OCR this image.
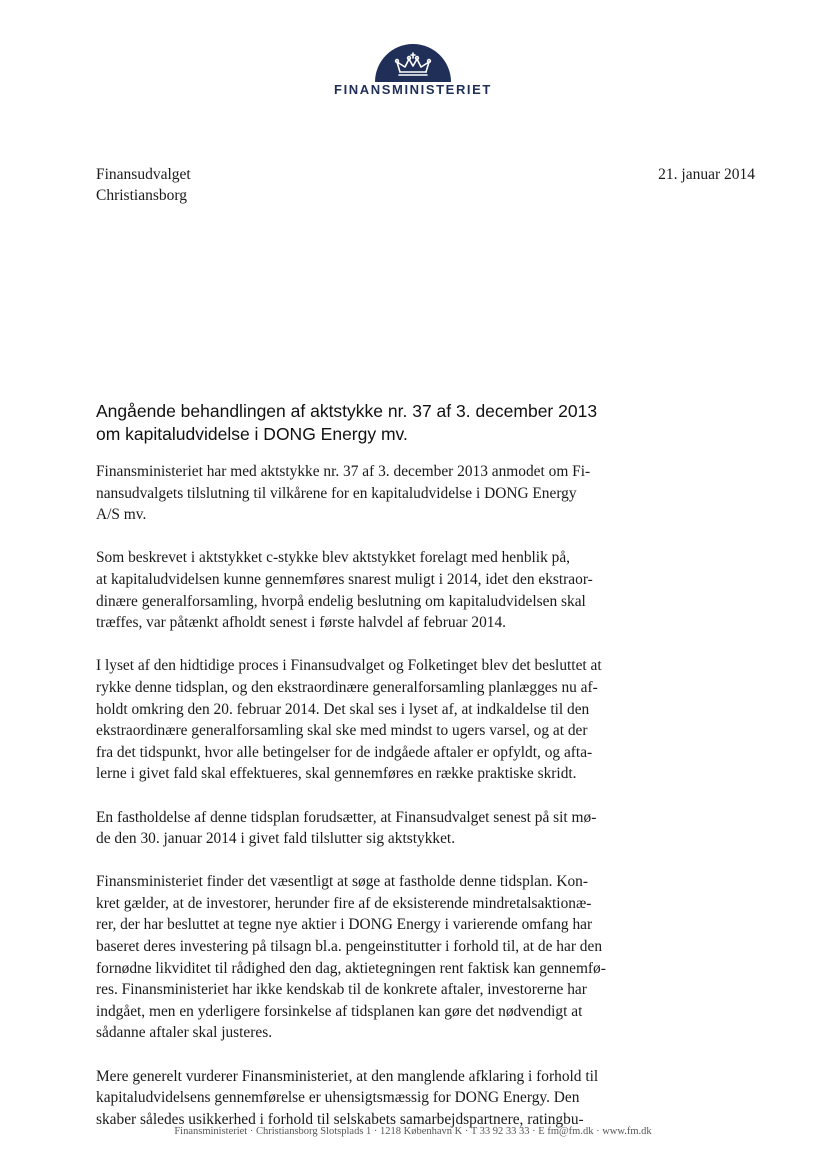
FINANSMINISTERIET
Finansudvalget
Christiansborg
21. januar 2014
Angående behandlingen af aktstykke nr. 37 af 3. december 2013
om kapitaludvidelse i DONG Energy mv.
Finansministeriet har med aktstykke nr. 37 af 3. december 2013 anmodet om Fi-
nansudvalgets tilslutning til vilkårene for en kapitaludvidelse i DONG Energy
A/S mv.
Som beskrevet i aktstykket c-stykke blev aktstykket forelagt med henblik på,
at kapitaludvidelsen kunne gennemføres snarest muligt i 2014, idet den ekstraor-
dinære generalforsamling, hvorpå endelig beslutning om kapitaludvidelsen skal
træffes, var påtænkt afholdt senest i første halvdel af februar 2014.
I lyset af den hidtidige proces i Finansudvalget og Folketinget blev det besluttet at
rykke denne tidsplan, og den ekstraordinære generalforsamling planlægges nu af-
holdt omkring den 20. februar 2014. Det skal ses i lyset af, at indkaldelse til den
ekstraordinære generalforsamling skal ske med mindst to ugers varsel, og at der
fra det tidspunkt, hvor alle betingelser for de indgåede aftaler er opfyldt, og afta-
lerne i givet fald skal effektueres, skal gennemføres en række praktiske skridt.
En fastholdelse af denne tidsplan forudsætter, at Finansudvalget senest på sit mø-
de den 30. januar 2014 i givet fald tilslutter sig aktstykket.
Finansministeriet finder det væsentligt at søge at fastholde denne tidsplan. Kon-
kret gælder, at de investorer, herunder fire af de eksisterende mindretalsaktionæ-
rer, der har besluttet at tegne nye aktier i DONG Energy i varierende omfang har
baseret deres investering på tilsagn bl.a. pengeinstitutter i forhold til, at de har den
fornødne likviditet til rådighed den dag, aktietegningen rent faktisk kan gennemfø-
res. Finansministeriet har ikke kendskab til de konkrete aftaler, investorerne har
indgået, men en yderligere forsinkelse af tidsplanen kan gøre det nødvendigt at
sådanne aftaler skal justeres.
Mere generelt vurderer Finansministeriet, at den manglende afklaring i forhold til
kapitaludvidelsens gennemførelse er uhensigtsmæssig for DONG Energy. Den
skaber således usikkerhed i forhold til selskabets samarbejdspartnere, ratingbu-
Finansministeriet · Christiansborg Slotsplads 1 · 1218 København K · T 33 92 33 33 · E fm@fm.dk · www.fm.dk
